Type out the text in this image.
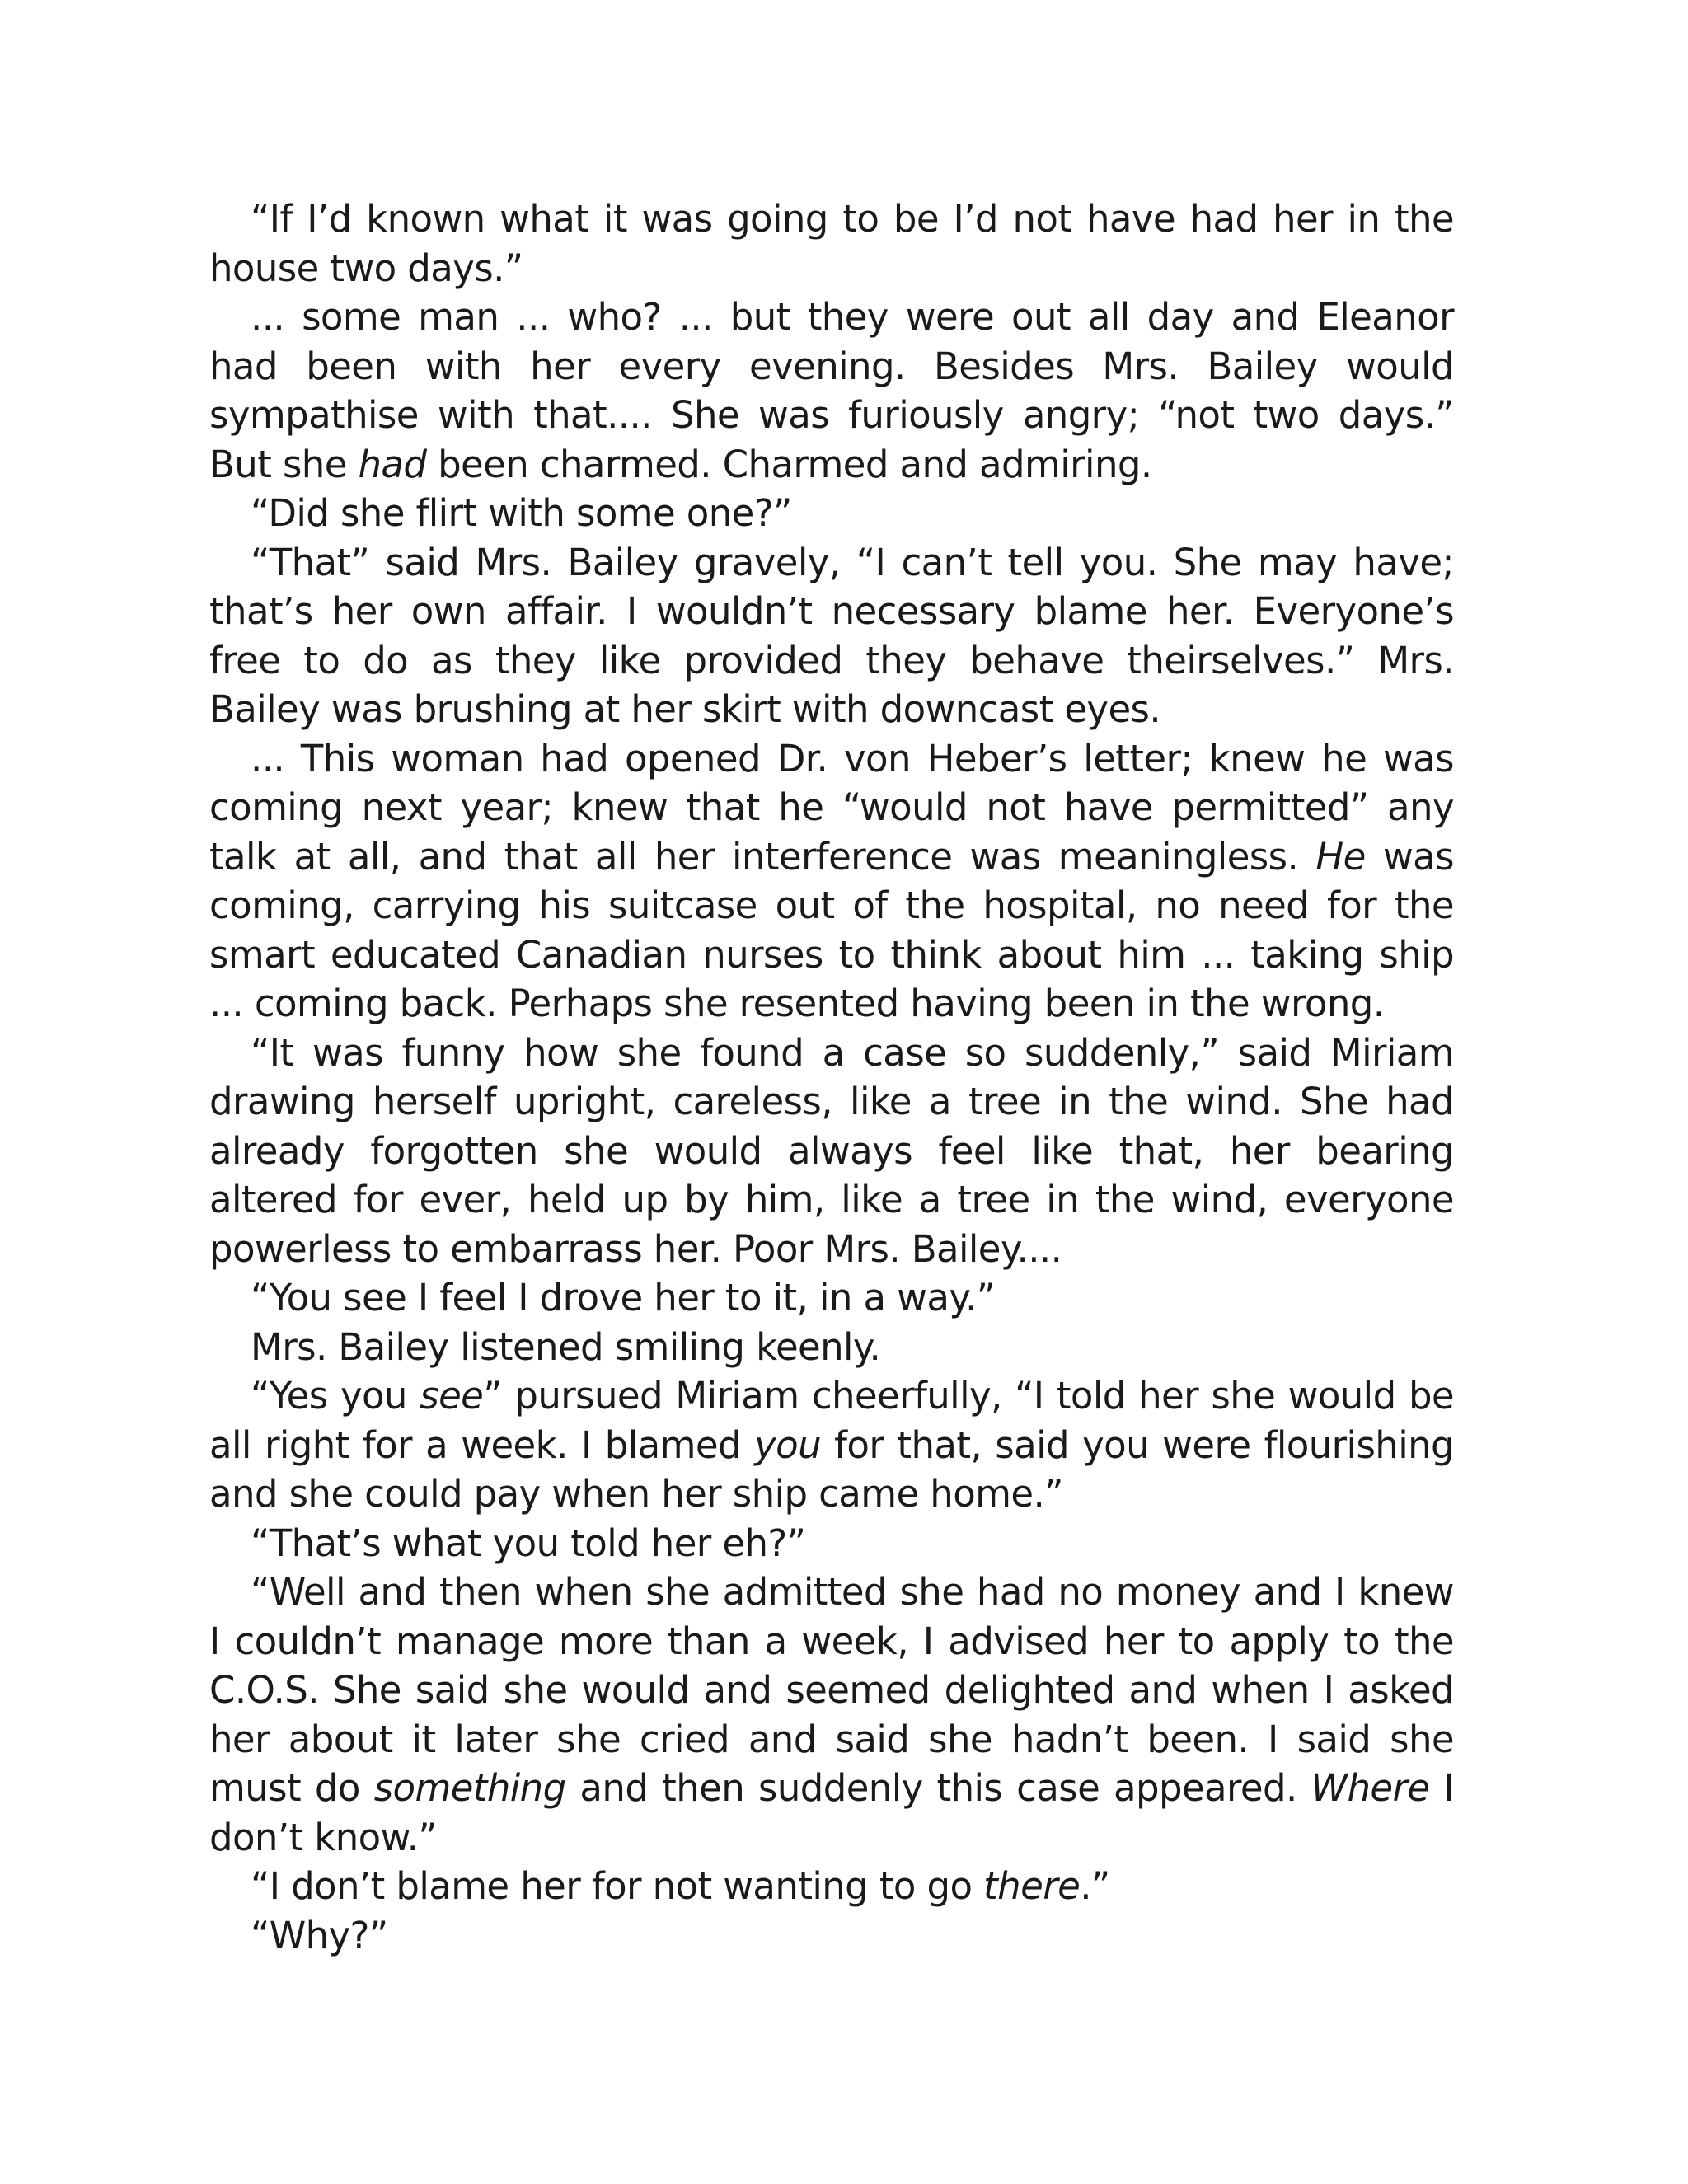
“If I’d known what it was going to be I’d not have had her in the house two days.”

... some man ... who? ... but they were out all day and Eleanor had been with her every evening. Besides Mrs. Bailey would sympathise with that.... She was furiously angry; “not two days.” But she had been charmed. Charmed and admiring.

“Did she flirt with some one?”

“That” said Mrs. Bailey gravely, “I can’t tell you. She may have; that’s her own affair. I wouldn’t necessary blame her. Everyone’s free to do as they like provided they behave theirselves.” Mrs. Bailey was brushing at her skirt with downcast eyes.

... This woman had opened Dr. von Heber’s letter; knew he was coming next year; knew that he “would not have permitted” any talk at all, and that all her interference was meaningless. He was coming, carrying his suitcase out of the hospital, no need for the smart educated Canadian nurses to think about him ... taking ship ... coming back. Perhaps she resented having been in the wrong.

“It was funny how she found a case so suddenly,” said Miriam drawing herself upright, careless, like a tree in the wind. She had already forgotten she would always feel like that, her bearing altered for ever, held up by him, like a tree in the wind, everyone powerless to embarrass her. Poor Mrs. Bailey....

“You see I feel I drove her to it, in a way.”

Mrs. Bailey listened smiling keenly.

“Yes you see” pursued Miriam cheerfully, “I told her she would be all right for a week. I blamed you for that, said you were flourishing and she could pay when her ship came home.”

“That’s what you told her eh?”

“Well and then when she admitted she had no money and I knew I couldn’t manage more than a week, I advised her to apply to the C.O.S. She said she would and seemed delighted and when I asked her about it later she cried and said she hadn’t been. I said she must do something and then suddenly this case appeared. Where I don’t know.”

“I don’t blame her for not wanting to go there.”

“Why?”
